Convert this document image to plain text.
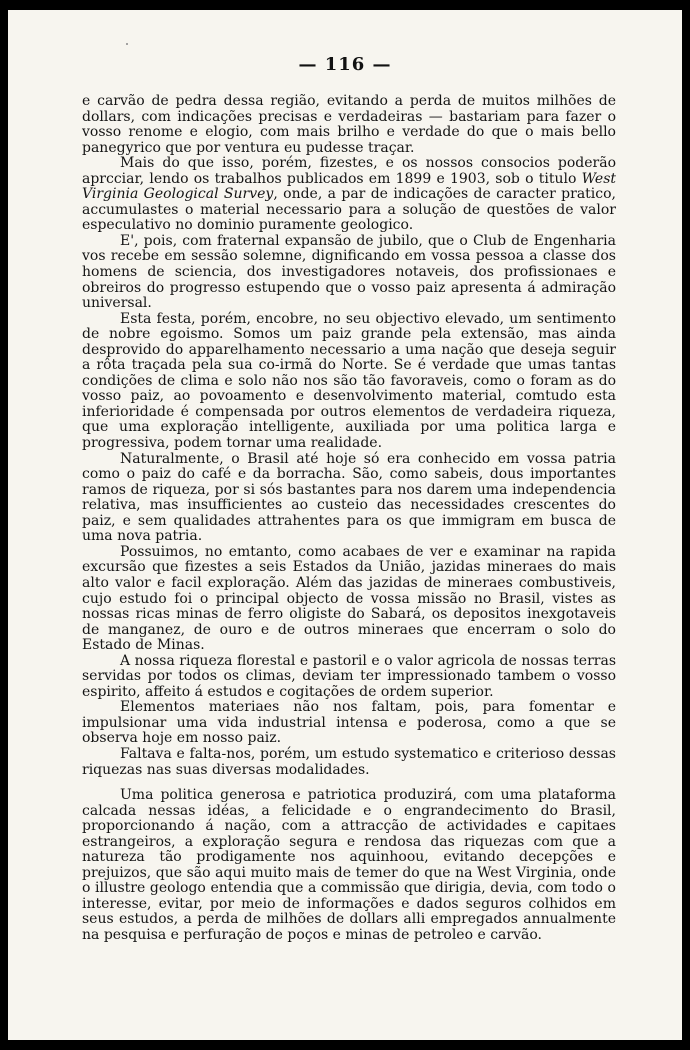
— 116 —

e carvão de pedra dessa região, evitando a perda de muitos milhões de dollars, com indicações precisas e verdadeiras — bastariam para fazer o vosso renome e elogio, com mais brilho e verdade do que o mais bello panegyrico que por ventura eu pudesse traçar.

Mais do que isso, porém, fizestes, e os nossos consocios poderão aprcciar, lendo os trabalhos publicados em 1899 e 1903, sob o titulo West Virginia Geological Survey, onde, a par de indicações de caracter pratico, accumulastes o material necessario para a solução de questões de valor especulativo no dominio puramente geologico.

E', pois, com fraternal expansão de jubilo, que o Club de Engenharia vos recebe em sessão solemne, dignificando em vossa pessoa a classe dos homens de sciencia, dos investigadores notaveis, dos profissionaes e obreiros do progresso estupendo que o vosso paiz apresenta á admiração universal.

Esta festa, porém, encobre, no seu objectivo elevado, um sentimento de nobre egoismo. Somos um paiz grande pela extensão, mas ainda desprovido do apparelhamento necessario a uma nação que deseja seguir a rôta traçada pela sua co-irmã do Norte. Se é verdade que umas tantas condições de clima e solo não nos são tão favoraveis, como o foram as do vosso paiz, ao povoamento e desenvolvimento material, comtudo esta inferioridade é compensada por outros elementos de verdadeira riqueza, que uma exploração intelligente, auxiliada por uma politica larga e progressiva, podem tornar uma realidade.

Naturalmente, o Brasil até hoje só era conhecido em vossa patria como o paiz do café e da borracha. São, como sabeis, dous importantes ramos de riqueza, por si sós bastantes para nos darem uma independencia relativa, mas insufficientes ao custeio das necessidades crescentes do paiz, e sem qualidades attrahentes para os que immigram em busca de uma nova patria.

Possuimos, no emtanto, como acabaes de ver e examinar na rapida excursão que fizestes a seis Estados da União, jazidas mineraes do mais alto valor e facil exploração. Além das jazidas de mineraes combustiveis, cujo estudo foi o principal objecto de vossa missão no Brasil, vistes as nossas ricas minas de ferro oligiste do Sabará, os depositos inexgotaveis de manganez, de ouro e de outros mineraes que encerram o solo do Estado de Minas.

A nossa riqueza florestal e pastoril e o valor agricola de nossas terras servidas por todos os climas, deviam ter impressionado tambem o vosso espirito, affeito á estudos e cogitações de ordem superior.

Elementos materiaes não nos faltam, pois, para fomentar e impulsionar uma vida industrial intensa e poderosa, como a que se observa hoje em nosso paiz.

Faltava e falta-nos, porém, um estudo systematico e criterioso dessas riquezas nas suas diversas modalidades.

Uma politica generosa e patriotica produzirá, com uma plataforma calcada nessas idéas, a felicidade e o engrandecimento do Brasil, proporcionando á nação, com a attracção de actividades e capitaes estrangeiros, a exploração segura e rendosa das riquezas com que a natureza tão prodigamente nos aquinhoou, evitando decepções e prejuizos, que são aqui muito mais de temer do que na West Virginia, onde o illustre geologo entendia que a commissão que dirigia, devia, com todo o interesse, evitar, por meio de informações e dados seguros colhidos em seus estudos, a perda de milhões de dollars alli empregados annualmente na pesquisa e perfuração de poços e minas de petroleo e carvão.
